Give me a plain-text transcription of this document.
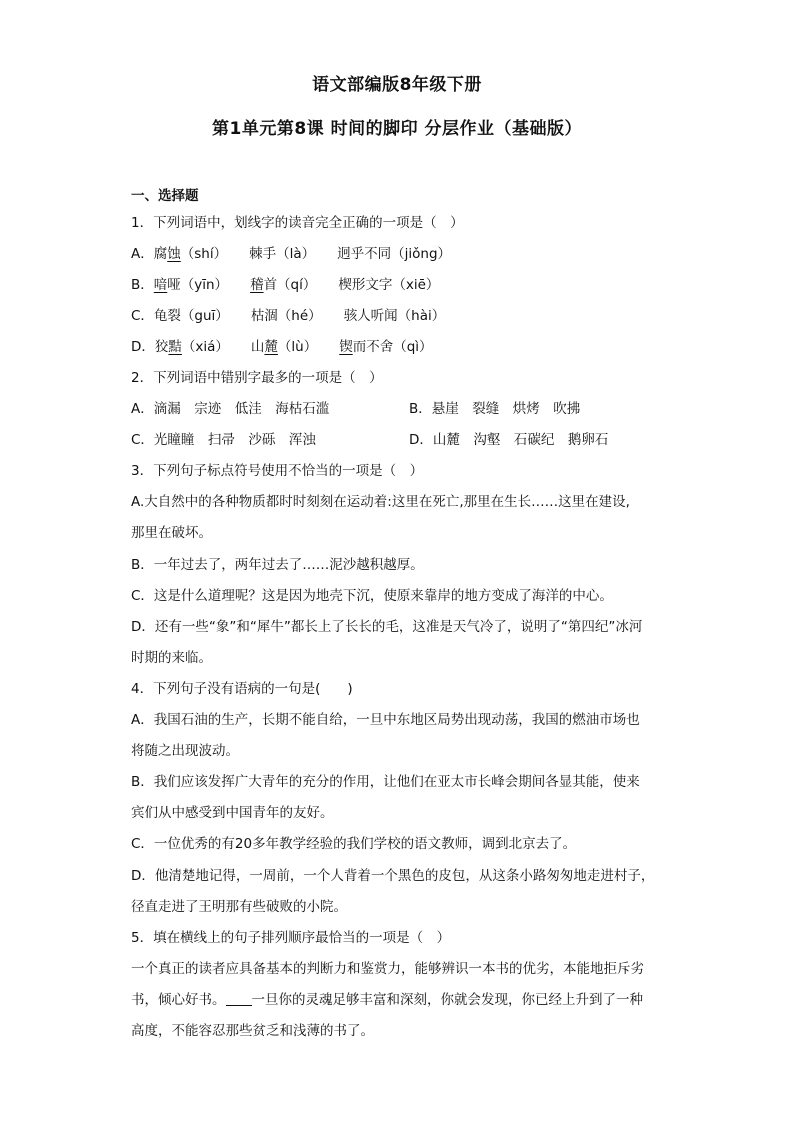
语文部编版8年级下册
第1单元第8课 时间的脚印 分层作业（基础版）
一、选择题
1．下列词语中，划线字的读音完全正确的一项是（　）
A．腐蚀（shí） 棘手（là） 迥乎不同（jiǒng）
B．喑哑（yīn） 稽首（qí） 楔形文字（xiē）
C．龟裂（guī） 枯涸（hé） 骇人听闻（hài）
D．狡黠（xiá） 山麓（lù） 锲而不舍（qì）
2．下列词语中错别字最多的一项是（　）
A．滴漏　宗迹　低洼　海枯石滥	B．悬崖　裂缝　烘烤　吹拂
C．光瞳瞳　扫帚　沙砾　浑浊	D．山麓　沟壑　石碳纪　鹅卵石
3．下列句子标点符号使用不恰当的一项是（　）
A.大自然中的各种物质都时时刻刻在运动着:这里在死亡,那里在生长……这里在建设,
那里在破坏。
B．一年过去了，两年过去了……泥沙越积越厚。
C．这是什么道理呢？这是因为地壳下沉，使原来靠岸的地方变成了海洋的中心。
D．还有一些“象”和“犀牛”都长上了长长的毛，这准是天气冷了，说明了“第四纪”冰河
时期的来临。
4．下列句子没有语病的一句是(　　)
A．我国石油的生产，长期不能自给，一旦中东地区局势出现动荡，我国的燃油市场也
将随之出现波动。
B．我们应该发挥广大青年的充分的作用，让他们在亚太市长峰会期间各显其能，使来
宾们从中感受到中国青年的友好。
C．一位优秀的有20多年教学经验的我们学校的语文教师，调到北京去了。
D．他清楚地记得，一周前，一个人背着一个黑色的皮包，从这条小路匆匆地走进村子，
径直走进了王明那有些破败的小院。
5．填在横线上的句子排列顺序最恰当的一项是（　）
一个真正的读者应具备基本的判断力和鉴赏力，能够辨识一本书的优劣，本能地拒斥劣
书，倾心好书。 一旦你的灵魂足够丰富和深刻，你就会发现，你已经上升到了一种
高度，不能容忍那些贫乏和浅薄的书了。
